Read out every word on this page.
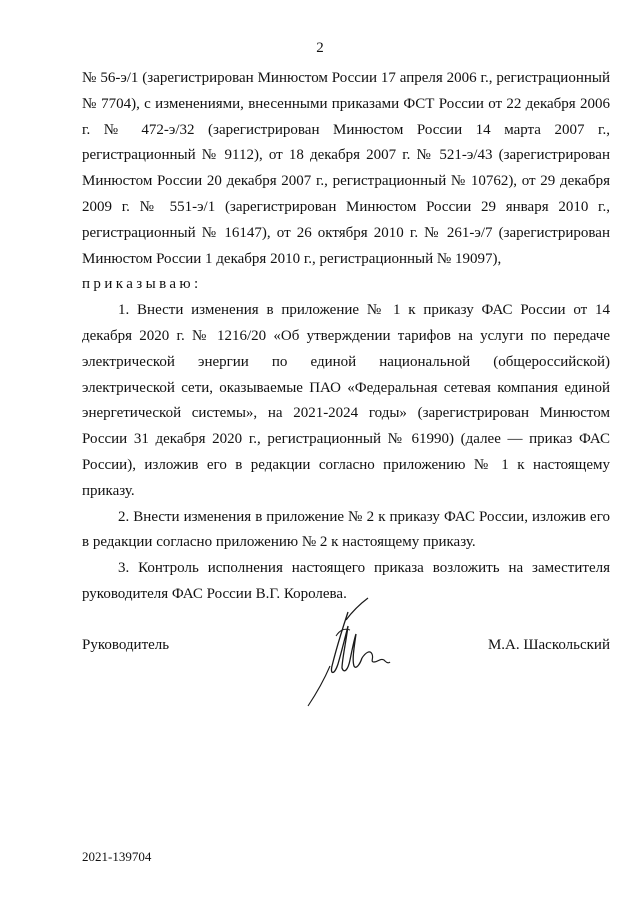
2

№ 56-э/1 (зарегистрирован Минюстом России 17 апреля 2006 г., регистрационный № 7704), с изменениями, внесенными приказами ФСТ России от 22 декабря 2006 г. № 472-э/32 (зарегистрирован Минюстом России 14 марта 2007 г., регистрационный № 9112), от 18 декабря 2007 г. № 521-э/43 (зарегистрирован Минюстом России 20 декабря 2007 г., регистрационный № 10762), от 29 декабря 2009 г. № 551-э/1 (зарегистрирован Минюстом России 29 января 2010 г., регистрационный № 16147), от 26 октября 2010 г. № 261-э/7 (зарегистрирован Минюстом России 1 декабря 2010 г., регистрационный № 19097),

приказываю:

1. Внести изменения в приложение № 1 к приказу ФАС России от 14 декабря 2020 г. № 1216/20 «Об утверждении тарифов на услуги по передаче электрической энергии по единой национальной (общероссийской) электрической сети, оказываемые ПАО «Федеральная сетевая компания единой энергетической системы», на 2021-2024 годы» (зарегистрирован Минюстом России 31 декабря 2020 г., регистрационный № 61990) (далее — приказ ФАС России), изложив его в редакции согласно приложению № 1 к настоящему приказу.

2. Внести изменения в приложение № 2 к приказу ФАС России, изложив его в редакции согласно приложению № 2 к настоящему приказу.

3. Контроль исполнения настоящего приказа возложить на заместителя руководителя ФАС России В.Г. Королева.

Руководитель	М.А. Шаскольский
2021-139704
